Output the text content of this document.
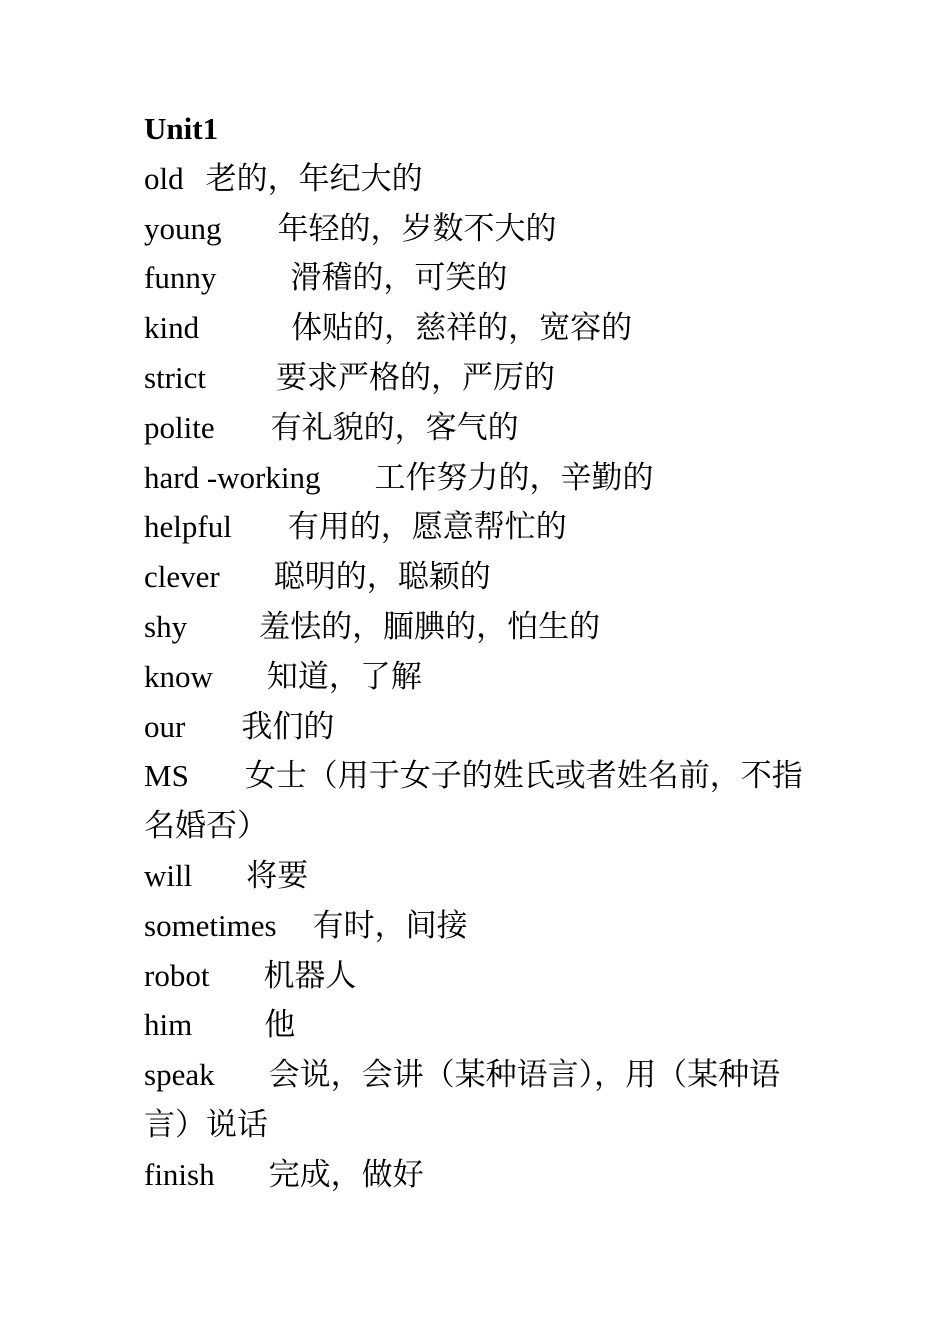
Unit1
old 老的，年纪大的
young 年轻的，岁数不大的
funny 滑稽的，可笑的
kind	体贴的，慈祥的，宽容的
strict 要求严格的，严厉的
polite 有礼貌的，客气的
hard -working 工作努力的，辛勤的
helpful 有用的，愿意帮忙的
clever 聪明的，聪颖的
shy 羞怯的，腼腆的，怕生的
know 知道，了解
our 我们的
MS 女士（用于女子的姓氏或者姓名前，不指名婚否）
will 将要
sometimes 有时，间接
robot 机器人
him 他
speak 会说，会讲（某种语言），用（某种语言）说话
finish 完成，做好
